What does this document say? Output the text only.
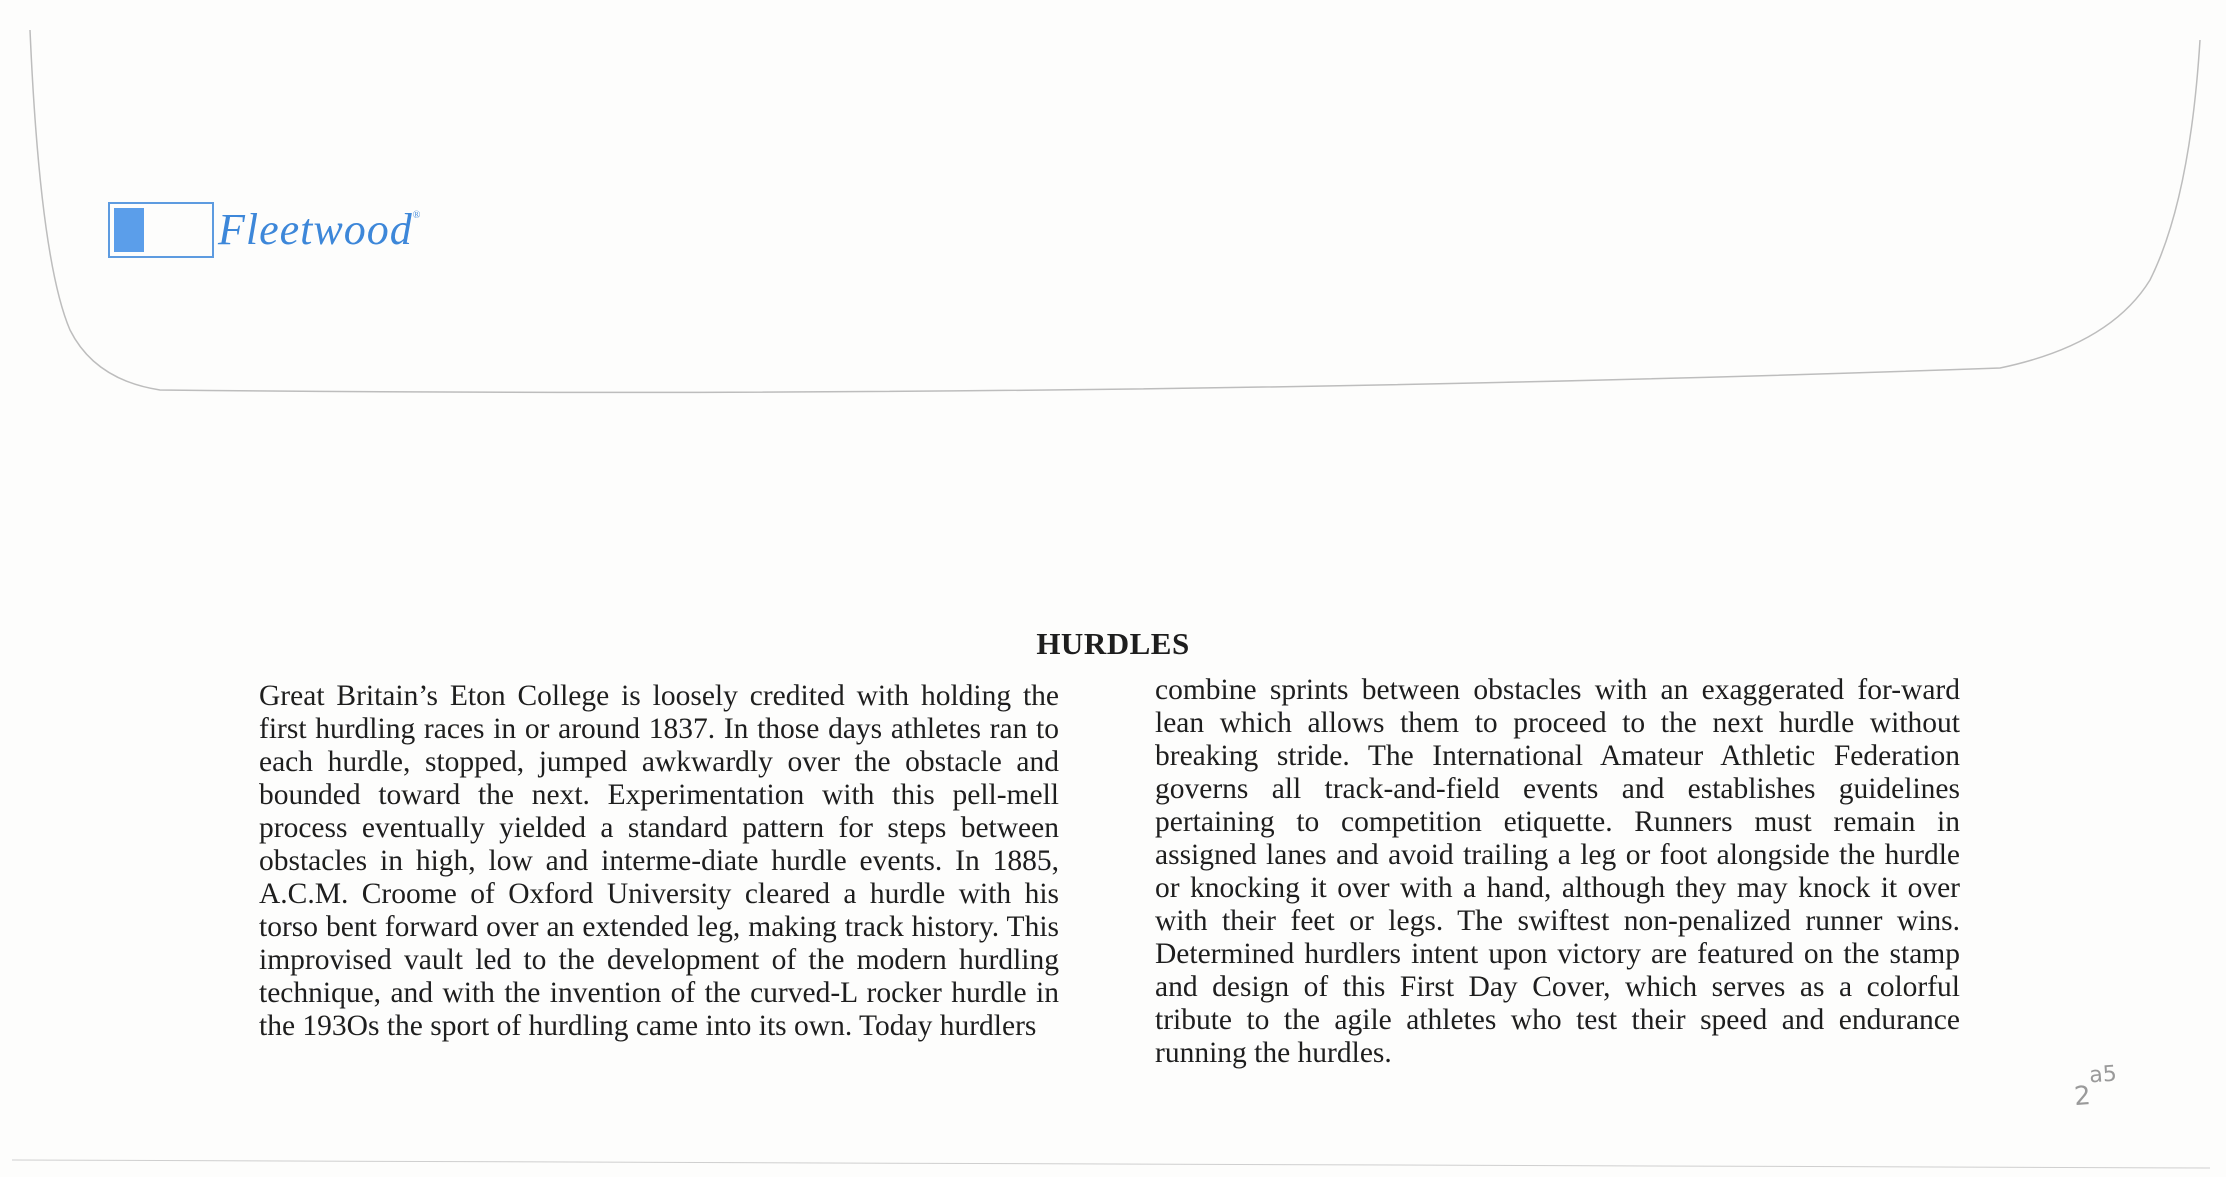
Fleetwood ®
HURDLES
Great Britain’s Eton College is loosely credited with holding the first hurdling races in or around 1837. In those days athletes ran to each hurdle, stopped, jumped awkwardly over the obstacle and bounded toward the next. Experimentation with this pell-mell process eventually yielded a standard pattern for steps between obstacles in high, low and interme-diate hurdle events. In 1885, A.C.M. Croome of Oxford University cleared a hurdle with his torso bent forward over an extended leg, making track history. This improvised vault led to the development of the modern hurdling technique, and with the invention of the curved-L rocker hurdle in the 193Os the sport of hurdling came into its own. Today hurdlers
combine sprints between obstacles with an exaggerated for-ward lean which allows them to proceed to the next hurdle without breaking stride. The International Amateur Athletic Federation governs all track-and-field events and establishes guidelines pertaining to competition etiquette. Runners must remain in assigned lanes and avoid trailing a leg or foot alongside the hurdle or knocking it over with a hand, although they may knock it over with their feet or legs. The swiftest non-penalized runner wins. Determined hurdlers intent upon victory are featured on the stamp and design of this First Day Cover, which serves as a colorful tribute to the agile athletes who test their speed and endurance running the hurdles.
$2^{a5}$
